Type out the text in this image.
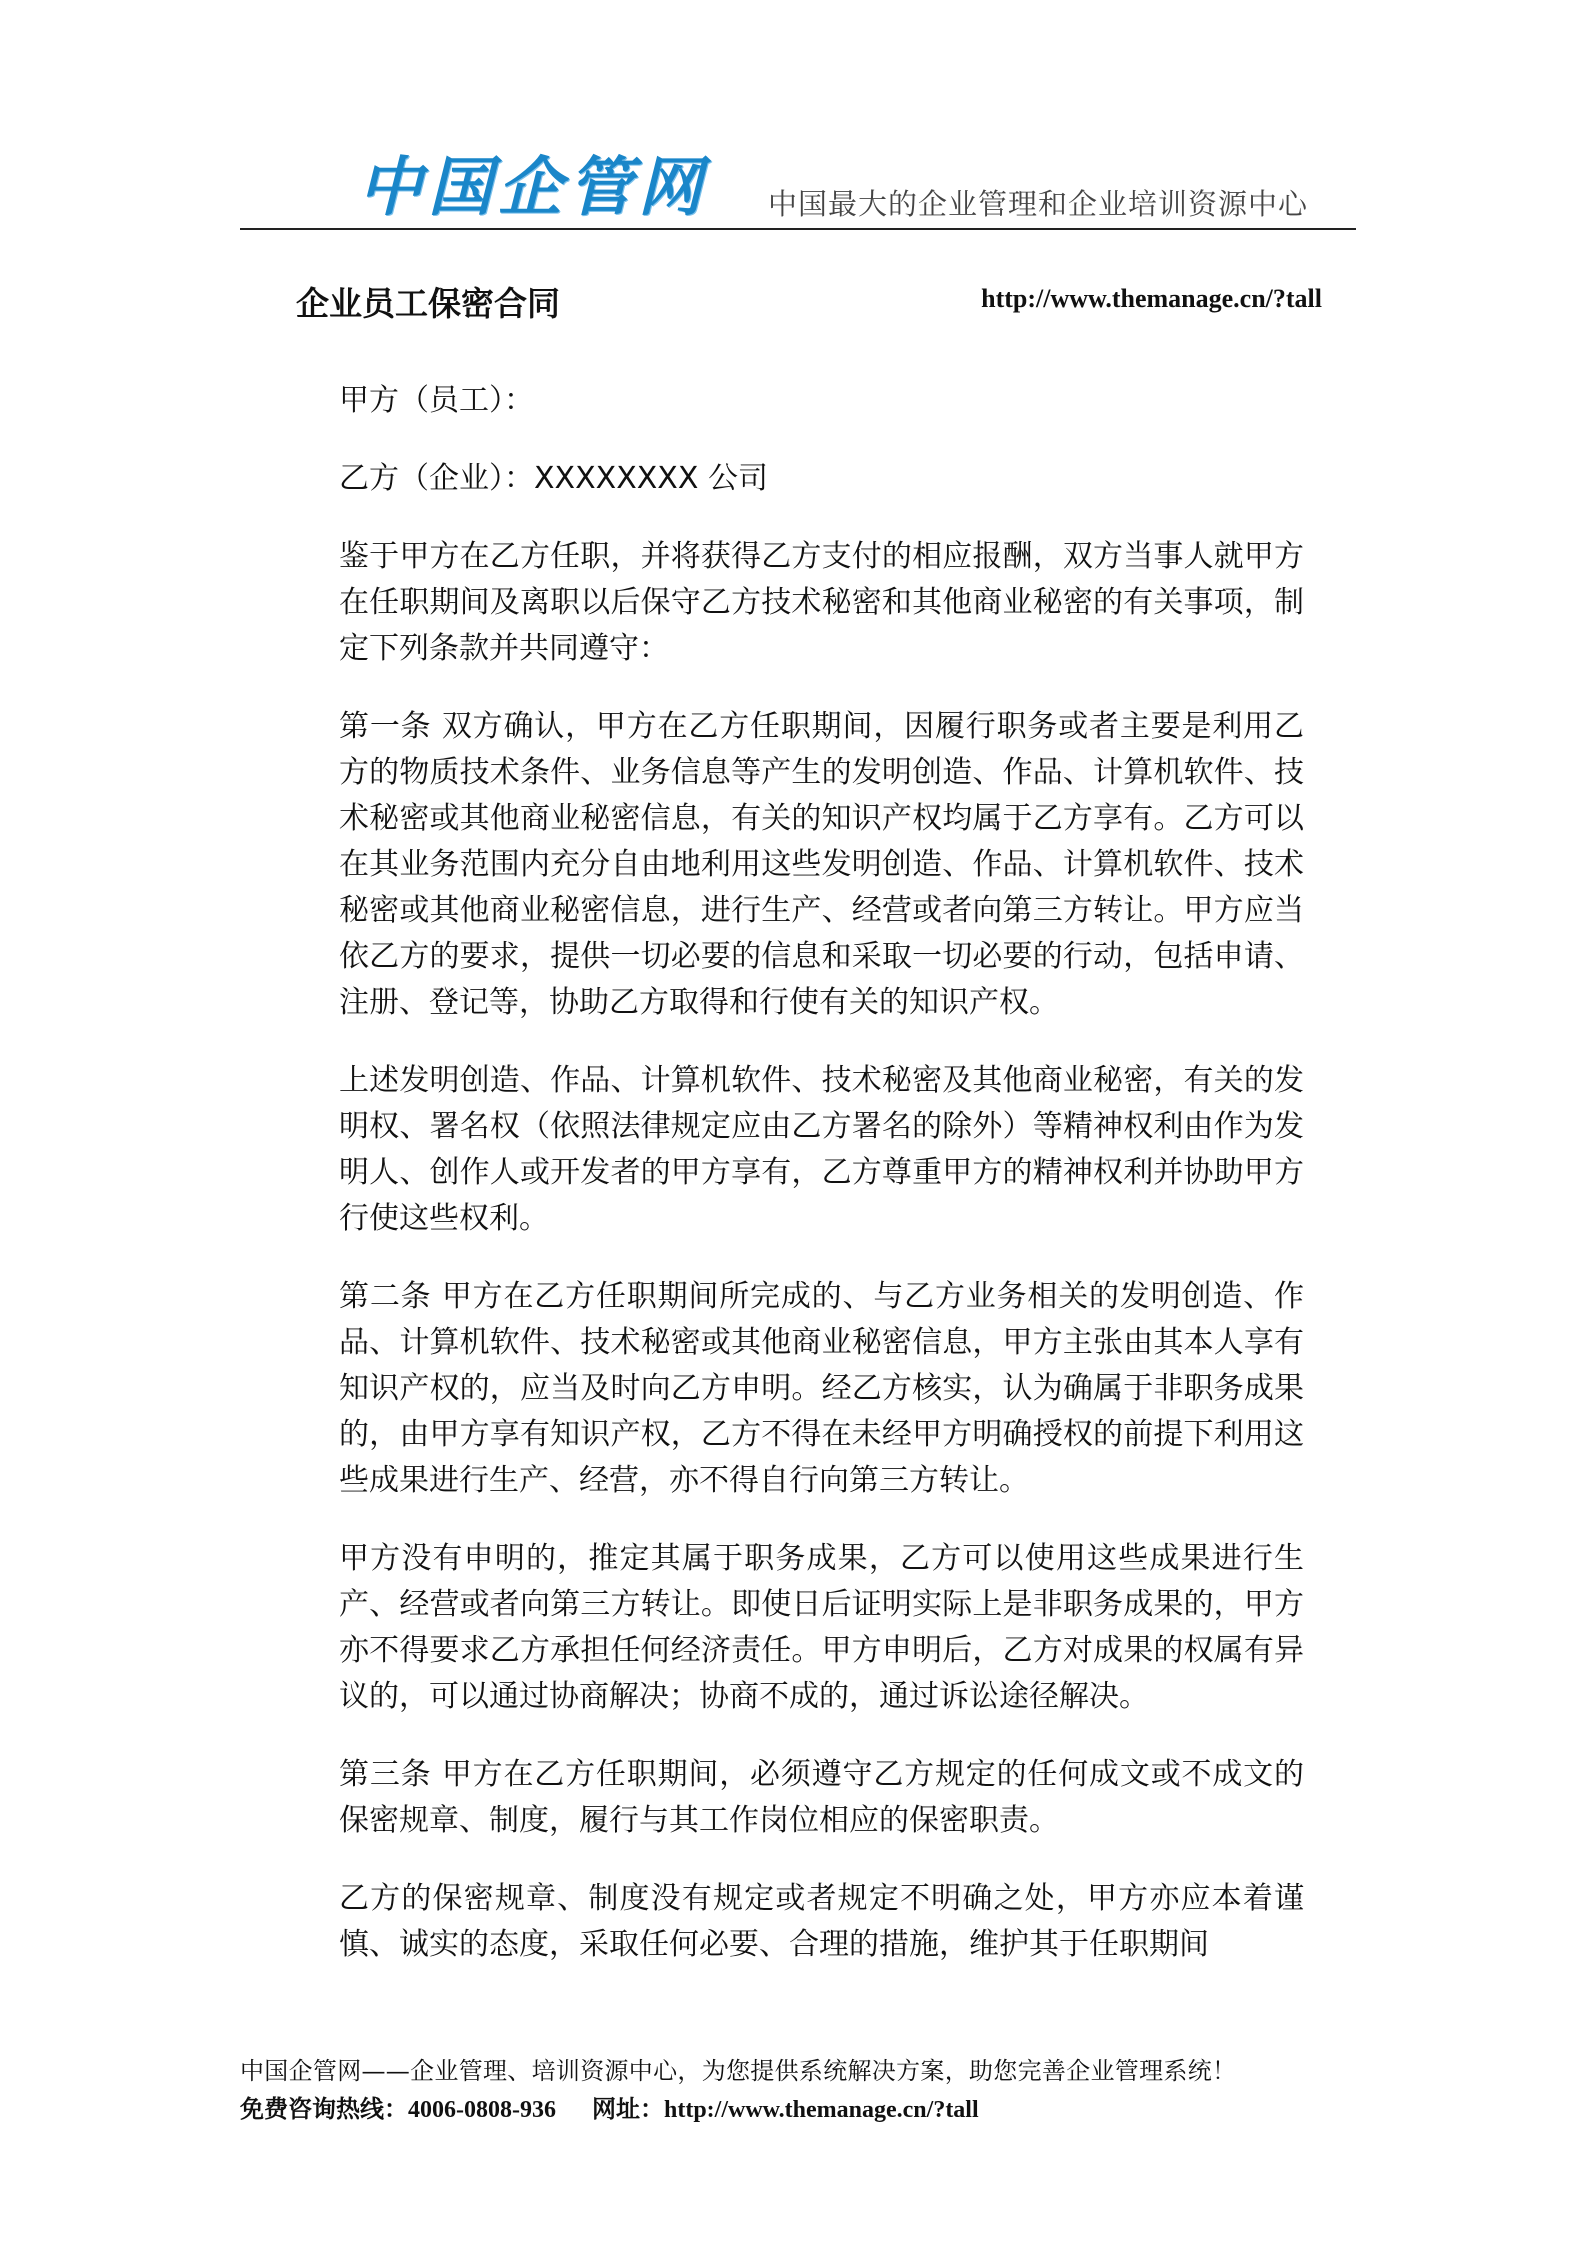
中国企管网 中国最大的企业管理和企业培训资源中心
企业员工保密合同	http://www.themanage.cn/?tall

甲方（员工）：

乙方（企业）：XXXXXXXX 公司

鉴于甲方在乙方任职，并将获得乙方支付的相应报酬，双方当事人就甲方在任职期间及离职以后保守乙方技术秘密和其他商业秘密的有关事项，制定下列条款并共同遵守：

第一条 双方确认，甲方在乙方任职期间，因履行职务或者主要是利用乙方的物质技术条件、业务信息等产生的发明创造、作品、计算机软件、技术秘密或其他商业秘密信息，有关的知识产权均属于乙方享有。乙方可以在其业务范围内充分自由地利用这些发明创造、作品、计算机软件、技术秘密或其他商业秘密信息，进行生产、经营或者向第三方转让。甲方应当依乙方的要求，提供一切必要的信息和采取一切必要的行动，包括申请、注册、登记等，协助乙方取得和行使有关的知识产权。

上述发明创造、作品、计算机软件、技术秘密及其他商业秘密，有关的发明权、署名权（依照法律规定应由乙方署名的除外）等精神权利由作为发明人、创作人或开发者的甲方享有，乙方尊重甲方的精神权利并协助甲方行使这些权利。

第二条 甲方在乙方任职期间所完成的、与乙方业务相关的发明创造、作品、计算机软件、技术秘密或其他商业秘密信息，甲方主张由其本人享有知识产权的，应当及时向乙方申明。经乙方核实，认为确属于非职务成果的，由甲方享有知识产权，乙方不得在未经甲方明确授权的前提下利用这些成果进行生产、经营，亦不得自行向第三方转让。

甲方没有申明的，推定其属于职务成果，乙方可以使用这些成果进行生产、经营或者向第三方转让。即使日后证明实际上是非职务成果的，甲方亦不得要求乙方承担任何经济责任。甲方申明后，乙方对成果的权属有异议的，可以通过协商解决；协商不成的，通过诉讼途径解决。

第三条 甲方在乙方任职期间，必须遵守乙方规定的任何成文或不成文的保密规章、制度，履行与其工作岗位相应的保密职责。

乙方的保密规章、制度没有规定或者规定不明确之处，甲方亦应本着谨慎、诚实的态度，采取任何必要、合理的措施，维护其于任职期间

中国企管网——企业管理、培训资源中心，为您提供系统解决方案，助您完善企业管理系统！
免费咨询热线：4006-0808-936 网址：http://www.themanage.cn/?tall
